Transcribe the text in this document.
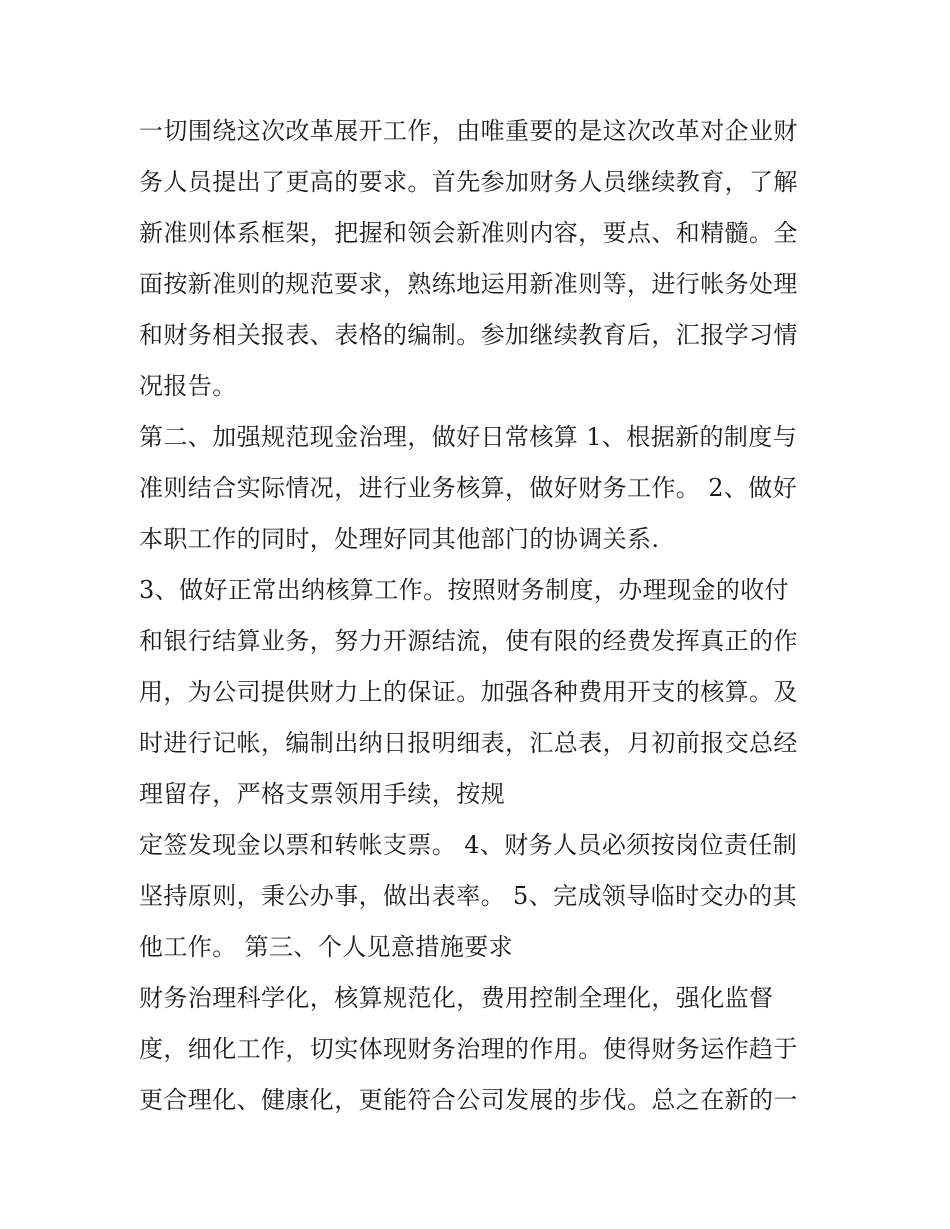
一切围绕这次改革展开工作，由唯重要的是这次改革对企业财
务人员提出了更高的要求。首先参加财务人员继续教育，了解
新准则体系框架，把握和领会新准则内容，要点、和精髓。全
面按新准则的规范要求，熟练地运用新准则等，进行帐务处理
和财务相关报表、表格的编制。参加继续教育后，汇报学习情
况报告。
第二、加强规范现金治理，做好日常核算 1、根据新的制度与
准则结合实际情况，进行业务核算，做好财务工作。 2、做好
本职工作的同时，处理好同其他部门的协调关系.
3、做好正常出纳核算工作。按照财务制度，办理现金的收付
和银行结算业务，努力开源结流，使有限的经费发挥真正的作
用，为公司提供财力上的保证。加强各种费用开支的核算。及
时进行记帐，编制出纳日报明细表，汇总表，月初前报交总经
理留存，严格支票领用手续，按规
定签发现金以票和转帐支票。 4、财务人员必须按岗位责任制
坚持原则，秉公办事，做出表率。 5、完成领导临时交办的其
他工作。 第三、个人见意措施要求
财务治理科学化，核算规范化，费用控制全理化，强化监督
度，细化工作，切实体现财务治理的作用。使得财务运作趋于
更合理化、健康化，更能符合公司发展的步伐。总之在新的一
